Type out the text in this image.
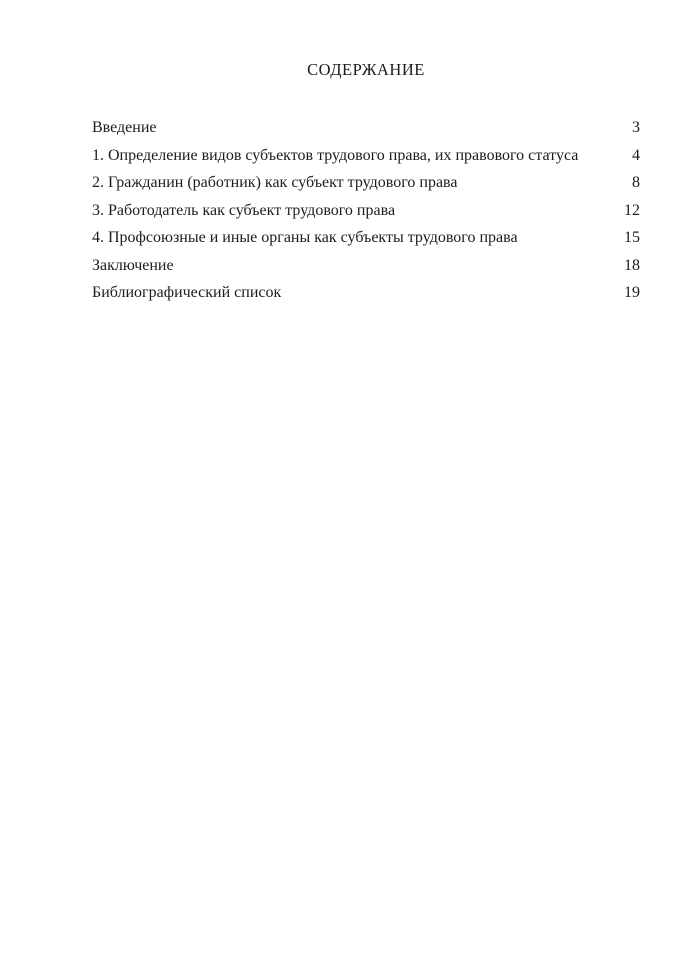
СОДЕРЖАНИЕ
Введение	3
1. Определение видов субъектов трудового права, их правового статуса	4
2. Гражданин (работник) как субъект трудового права	8
3. Работодатель как субъект трудового права	12
4. Профсоюзные и иные органы как субъекты трудового права	15
Заключение	18
Библиографический список	19
